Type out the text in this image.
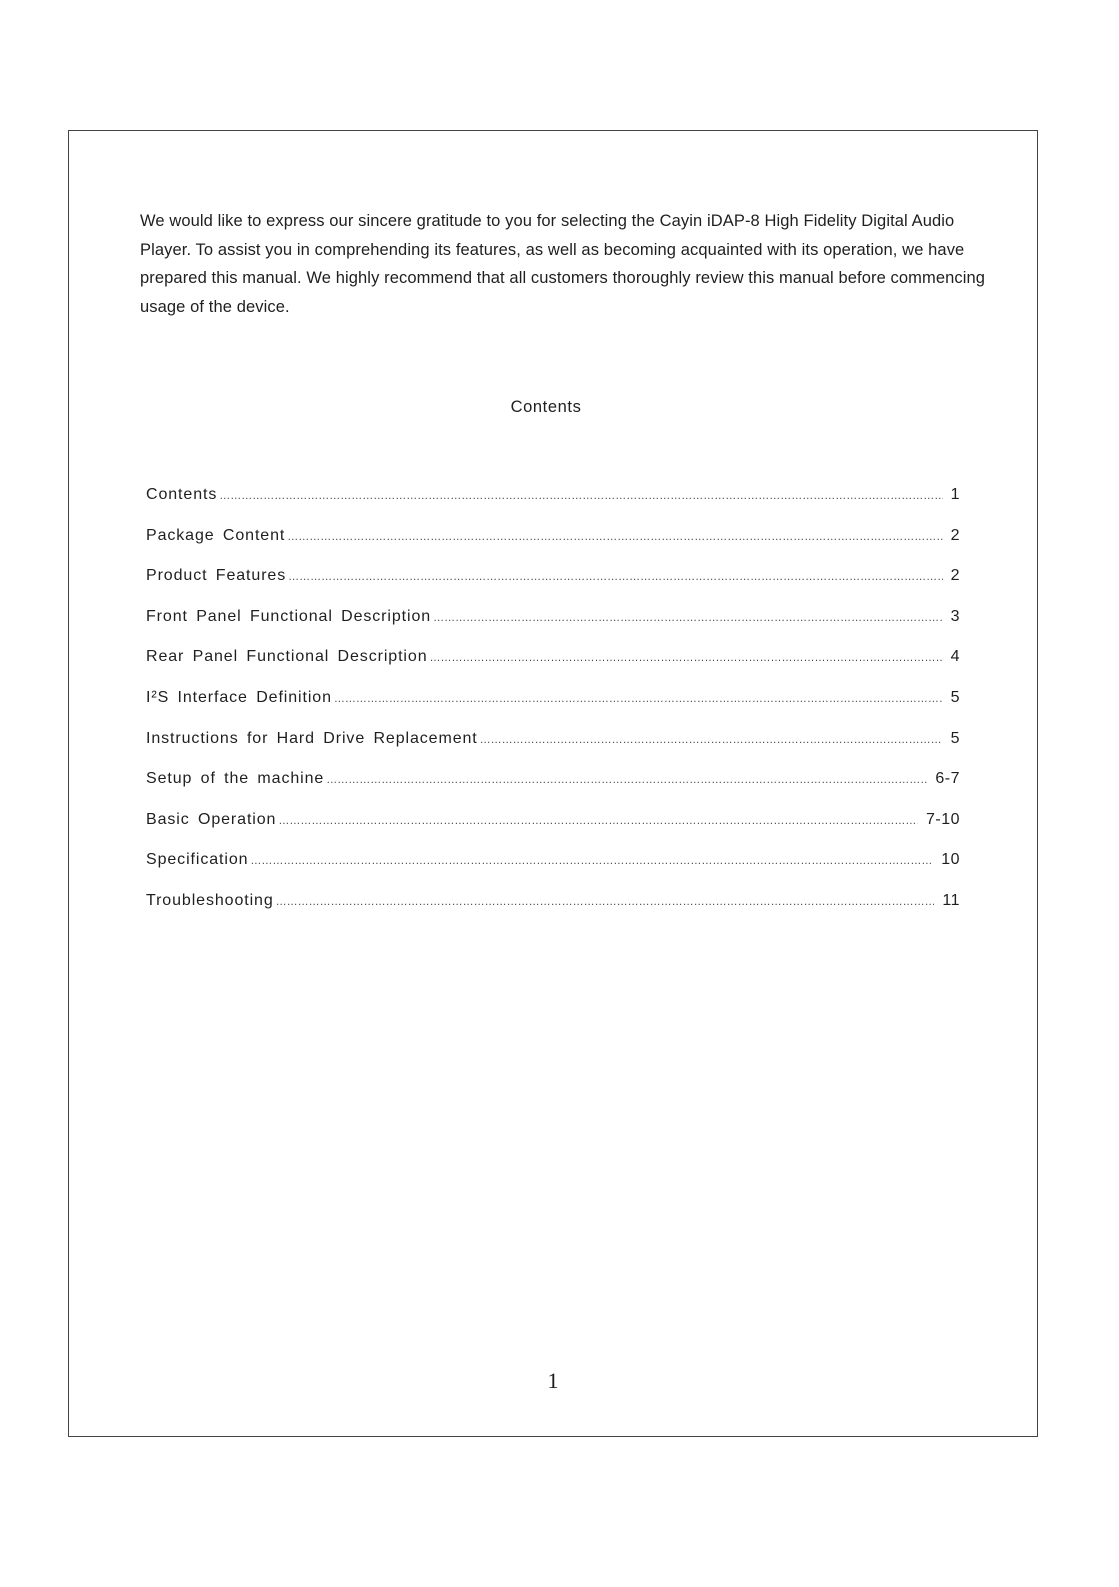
We would like to express our sincere gratitude to you for selecting the Cayin iDAP-8 High Fidelity Digital Audio Player. To assist you in comprehending its features, as well as becoming acquainted with its operation, we have prepared this manual. We highly recommend that all customers thoroughly review this manual before commencing usage of the device.

Contents
Contents …………………………………………………………………………………………………………………………………………………………………………………………………………	1
Package Content …………………………………………………………………………………………………………………………………………………………………………………………………………	2
Product Features …………………………………………………………………………………………………………………………………………………………………………………………………………	2
Front Panel Functional Description …………………………………………………………………………………………………………………………………………………………………………………………………………	3
Rear Panel Functional Description …………………………………………………………………………………………………………………………………………………………………………………………………………	4
I²S Interface Definition …………………………………………………………………………………………………………………………………………………………………………………………………………	5
Instructions for Hard Drive Replacement …………………………………………………………………………………………………………………………………………………………………………………………………………	5
Setup of the machine …………………………………………………………………………………………………………………………………………………………………………………………………………	6-7
Basic Operation …………………………………………………………………………………………………………………………………………………………………………………………………………	7-10
Specification …………………………………………………………………………………………………………………………………………………………………………………………………………	10
Troubleshooting …………………………………………………………………………………………………………………………………………………………………………………………………………	11
1
